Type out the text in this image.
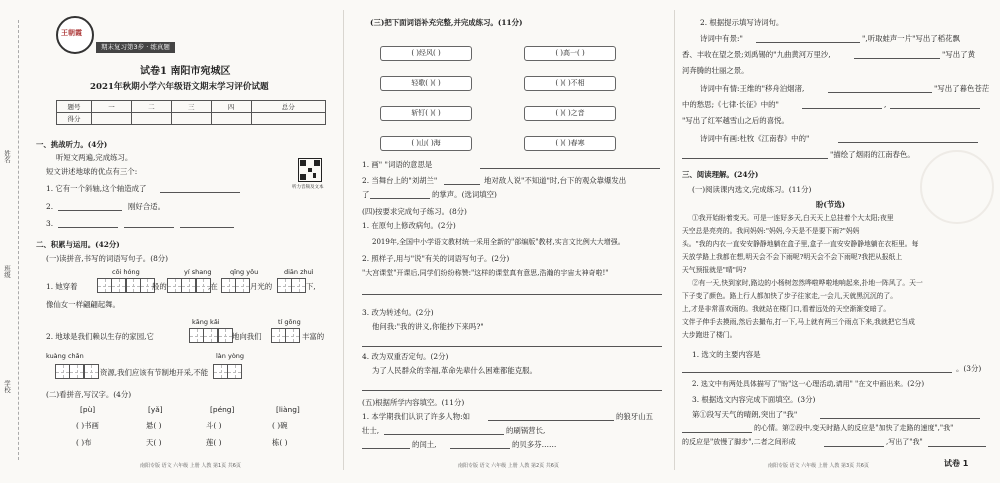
姓名
班级
学校
王朝霞
期末复习第3步 · 练真题
试卷1 南阳市宛城区
2021年秋期小学六年级语文期末学习评价试题
题号	一	二	三	四	总分
得分					
一、挑战听力。(4分)
听短文两遍,完成练习。
短文讲述地球的优点有三个:
听力音频及文本
1. 它有一个斜轴,这个轴造成了
2.	刚好合适。
3.
二、积累与运用。(42分)
(一)读拼音,书写的词语写句子。(8分)
cōi hóng	yí shang	qīng yōu	diān zhuì
1. 她穿着	般的	,在	月光的	下,
像仙女一样翩翩起舞。
kāng kǎi	tí gōng
2. 地球是我们赖以生存的家园,它	地向我们	丰富的
kuàng chǎn	làn yòng
资源,我们应该有节制地开采,不能
(二)看拼音,写汉字。(4分)
[pù]	[yǎ]	[péng]	[liàng]
( )书画	悬( )	斗( )	( )碗
( )布	天( )	莲( )	栋( )
南阳专版 语文 六年级 上册 人教 第1页 共6页
(三)把下面词语补充完整,并完成练习。(11分)
( )经风( )	( )高一( )
轻歌( )( )	( )( )不相
斩钉( )( )	( )( )之音
( )山( )海	( )( )春寒
1. 画" "词语的意思是
2. 当舞台上的"刘胡兰"	地对敌人说"不知道"时,台下的观众靠爆发出
了	的掌声。(选词填空)
(四)按要求完成句子练习。(8分)
1. 在原句上修改病句。(2分)
2019年,全国中小学语文教材统一采用全新的"部编版"教材,实言文比例大大增强。
2. 照样子,用与"说"有关的词语写句子。(2分)
"大宫课堂"开课后,同学们纷纷称赞:"这样的课堂真有意思,浩瀚的宇宙太神奇啦!"
3. 改为转述句。(2分)
他问我:"我的讲义,你能抄下来吗?"
4. 改为双重否定句。(2分)
为了人民群众的幸福,革命先辈什么困难都能克服。
(五)根据所学内容填空。(11分)
1. 本学期我们认识了许多人物:如	的狼牙山五
壮士,	的刷锅营长,
的闰土,	的贝多芬……
南阳专版 语文 六年级 上册 人教 第2页 共6页
2. 根据提示填写诗词句。
诗词中有景:"	",听取蛙声一片"写出了稻花飘
香、丰收在望之景;刘禹锡的"九曲黄河万里沙,	"写出了黄
河奔腾的壮丽之景。
诗词中有情:王维的"移舟泊烟渚,	"写出了暮色苍茫
中的愁思;《七律·长征》中的"	,
"写出了红军越雪山之后的喜悦。
诗词中有画:杜牧《江南春》中的"
"描绘了烟雨的江南春色。
三、阅读理解。(24分)
(一)阅读课内选文,完成练习。(11分)
盼(节选)
①我开始盼着变天。可是一连好多天,白天天上总挂着个大太阳;夜里
天空总是亮亮的。我问妈妈:"妈妈,今天是不是要下雨?"妈妈
头。"我的内衣一直安安静静地躺在盒子里,盒子一直安安静静地躺在衣柜里。每
天放学路上我都在想,明天会不会下雨呢?明天会不会下雨呢?我把从报纸上
天气预报就是"晴"吗?
②有一天,快到家时,路边的小杨树忽然哗啦哗啦地响起来,扑地一阵风了。天一
下子变了颜色。路上行人都加快了步子往家走,一会儿,天就黑沉沉的了。
上,才是非常喜欢雨的。我就站在楼门口,看着远处的天空渐渐变暗了。
文伴子伸手去摸雨,然后去撮布,打一下,马上就有两三个雨点下来,我就把它当成
大步跑进了楼门。
1. 选文的主要内容是
。(3分)
2. 选文中有两处具体描写了"盼"这一心理活动,请用" "在文中画出来。(2分)
3. 根据选文内容完成下面填空。(3分)
第①段写天气的晴朗,突出了"我"
的心情。第②段中,变天时路人的反应是"加快了走路的速度","我"
的反应是"放慢了脚步",二者之间形成	,写出了"我"
南阳专版 语文 六年级 上册 人教 第3页 共6页	试卷 1
